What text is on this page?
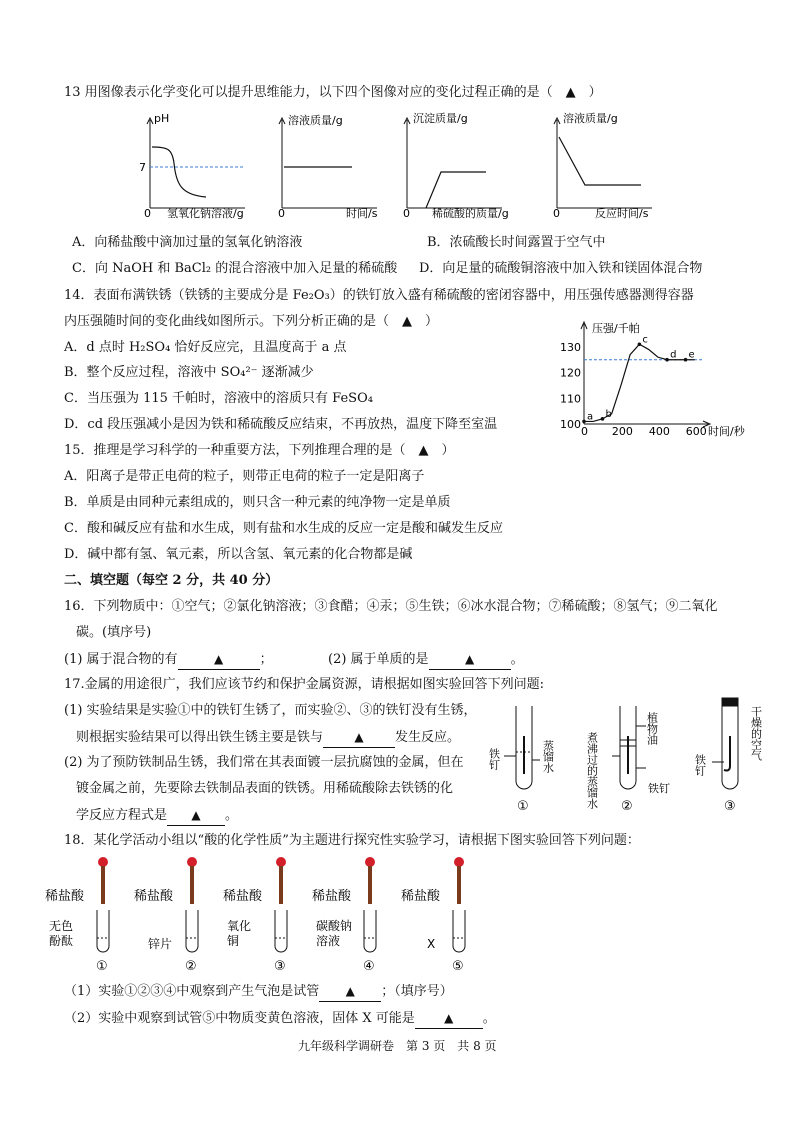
13 用图像表示化学变化可以提升思维能力，以下四个图像对应的变化过程正确的是（　▲　）
pH
7
0 氢氧化钠溶液/g
溶液质量/g
0	时间/s
沉淀质量/g
0 稀硫酸的质量/g
溶液质量/g
0	反应时间/s
A．向稀盐酸中滴加过量的氢氧化钠溶液	B．浓硫酸长时间露置于空气中
C．向 NaOH 和 BaCl₂ 的混合溶液中加入足量的稀硫酸 D．向足量的硫酸铜溶液中加入铁和镁固体混合物
14．表面布满铁锈（铁锈的主要成分是 Fe₂O₃）的铁钉放入盛有稀硫酸的密闭容器中，用压强传感器测得容器
内压强随时间的变化曲线如图所示。下列分析正确的是（　▲　）
A．d 点时 H₂SO₄ 恰好反应完，且温度高于 a 点
B．整个反应过程，溶液中 SO₄²⁻ 逐渐减少
C．当压强为 115 千帕时，溶液中的溶质只有 FeSO₄
D．cd 段压强减小是因为铁和稀硫酸反应结束，不再放热，温度下降至室温
压强/千帕
时间/秒
130
120
110
100
0 200 400 600
a b
c
d e
15．推理是学习科学的一种重要方法，下列推理合理的是（　▲　）
A．阳离子是带正电荷的粒子，则带正电荷的粒子一定是阳离子
B．单质是由同种元素组成的，则只含一种元素的纯净物一定是单质
C．酸和碱反应有盐和水生成，则有盐和水生成的反应一定是酸和碱发生反应
D．碱中都有氢、氧元素，所以含氢、氧元素的化合物都是碱
二、填空题（每空 2 分，共 40 分）
16．下列物质中：①空气；②氯化钠溶液；③食醋；④汞；⑤生铁；⑥冰水混合物；⑦稀硫酸；⑧氢气；⑨二氧化
碳。(填序号)
(1) 属于混合物的有	▲	；	(2) 属于单质的是	▲	。
17.金属的用途很广，我们应该节约和保护金属资源，请根据如图实验回答下列问题:
(1) 实验结果是实验①中的铁钉生锈了，而实验②、③的铁钉没有生锈，
则根据实验结果可以得出铁生锈主要是铁与	▲ 发生反应。
(2) 为了预防铁制品生锈，我们常在其表面镀一层抗腐蚀的金属，但在
镀金属之前，先要除去铁制品表面的铁锈。用稀硫酸除去铁锈的化
学反应方程式是 ▲ 。
铁钉	蒸馏水
①	煮沸过的蒸馏水
植物油
铁钉
②
铁钉
干燥的空气
③
18．某化学活动小组以“酸的化学性质”为主题进行探究性实验学习，请根据下图实验回答下列问题：
稀盐酸
无色
酚酞
①
稀盐酸
锌片
②
稀盐酸
氧化
铜
③
稀盐酸
碳酸钠
溶液
④
稀盐酸
X
⑤
（1）实验①②③④中观察到产生气泡是试管 ▲ ；（填序号）
（2）实验中观察到试管⑤中物质变黄色溶液，固体 X 可能是 ▲ 。
九年级科学调研卷　第 3 页　共 8 页
